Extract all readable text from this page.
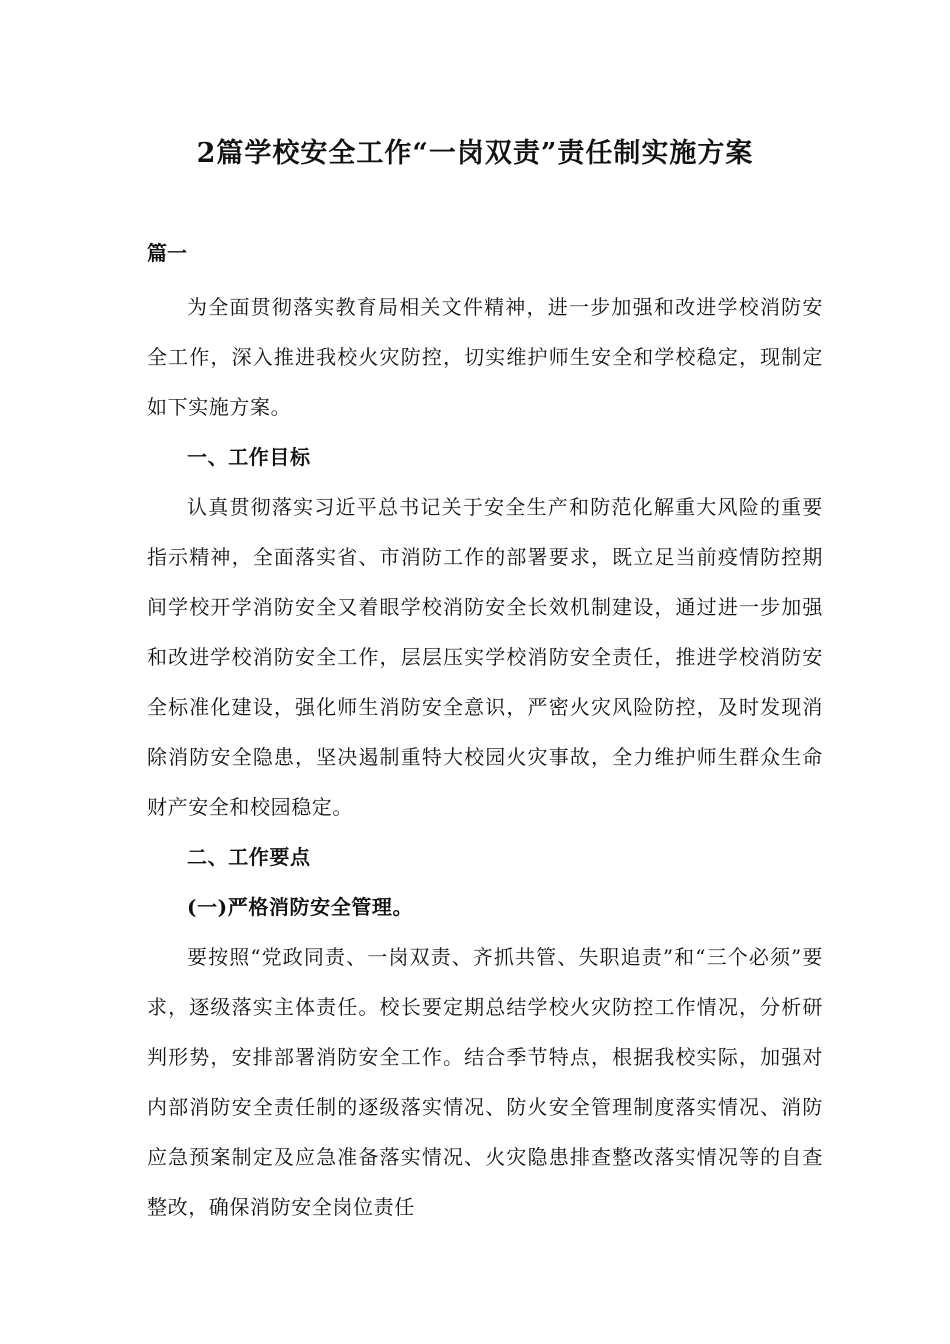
2篇学校安全工作“一岗双责”责任制实施方案

篇一

为全面贯彻落实教育局相关文件精神，进一步加强和改进学校消防安全工作，深入推进我校火灾防控，切实维护师生安全和学校稳定，现制定如下实施方案。

一、工作目标

认真贯彻落实习近平总书记关于安全生产和防范化解重大风险的重要指示精神，全面落实省、市消防工作的部署要求，既立足当前疫情防控期间学校开学消防安全又着眼学校消防安全长效机制建设，通过进一步加强和改进学校消防安全工作，层层压实学校消防安全责任，推进学校消防安全标准化建设，强化师生消防安全意识，严密火灾风险防控，及时发现消除消防安全隐患，坚决遏制重特大校园火灾事故，全力维护师生群众生命财产安全和校园稳定。

二、工作要点

(一)严格消防安全管理。

要按照“党政同责、一岗双责、齐抓共管、失职追责”和“三个必须”要求，逐级落实主体责任。校长要定期总结学校火灾防控工作情况，分析研判形势，安排部署消防安全工作。结合季节特点，根据我校实际，加强对内部消防安全责任制的逐级落实情况、防火安全管理制度落实情况、消防应急预案制定及应急准备落实情况、火灾隐患排查整改落实情况等的自查整改，确保消防安全岗位责任
